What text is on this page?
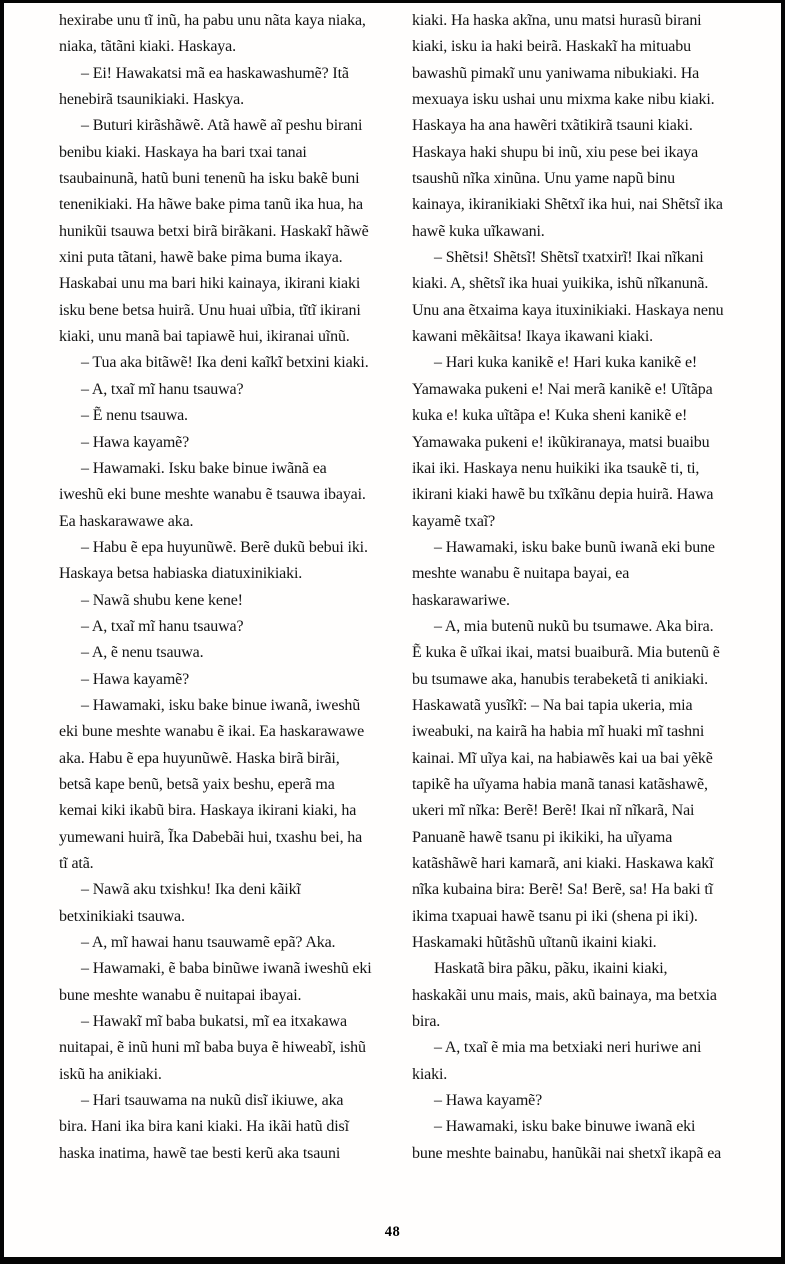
hexirabe unu tĩ inũ, ha pabu unu nãta kaya niaka,
niaka, tãtãni kiaki. Haskaya.
– Ei! Hawakatsi mã ea haskawashumẽ? Itã
henebirã tsaunikiaki. Haskya.
– Buturi kirãshãwẽ. Atã hawẽ aĩ peshu birani
benibu kiaki. Haskaya ha bari txai tanai
tsaubainunã, hatũ buni tenenũ ha isku bakẽ buni
tenenikiaki. Ha hãwe bake pima tanũ ika hua, ha
hunikũi tsauwa betxi birã birãkani. Haskakĩ hãwẽ
xini puta tãtani, hawẽ bake pima buma ikaya.
Haskabai unu ma bari hiki kainaya, ikirani kiaki
isku bene betsa huirã. Unu huai uĩbia, tĩtĩ ikirani
kiaki, unu manã bai tapiawẽ hui, ikiranai uĩnũ.
– Tua aka bitãwẽ! Ika deni kaĩkĩ betxini kiaki.
– A, txaĩ mĩ hanu tsauwa?
– Ẽ nenu tsauwa.
– Hawa kayamẽ?
– Hawamaki. Isku bake binue iwãnã ea
iweshũ eki bune meshte wanabu ẽ tsauwa ibayai.
Ea haskarawawe aka.
– Habu ẽ epa huyunũwẽ. Berẽ dukũ bebui iki.
Haskaya betsa habiaska diatuxinikiaki.
– Nawã shubu kene kene!
– A, txaĩ mĩ hanu tsauwa?
– A, ẽ nenu tsauwa.
– Hawa kayamẽ?
– Hawamaki, isku bake binue iwanã, iweshũ
eki bune meshte wanabu ẽ ikai. Ea haskarawawe
aka. Habu ẽ epa huyunũwẽ. Haska birã birãi,
betsã kape benũ, betsã yaix beshu, eperã ma
kemai kiki ikabũ bira. Haskaya ikirani kiaki, ha
yumewani huirã, Ĩka Dabebãi hui, txashu bei, ha
tĩ atã.
– Nawã aku txishku! Ika deni kãikĩ
betxinikiaki tsauwa.
– A, mĩ hawai hanu tsauwamẽ epã? Aka.
– Hawamaki, ẽ baba binũwe iwanã iweshũ eki
bune meshte wanabu ẽ nuitapai ibayai.
– Hawakĩ mĩ baba bukatsi, mĩ ea itxakawa
nuitapai, ẽ inũ huni mĩ baba buya ẽ hiweabĩ, ishũ
iskũ ha anikiaki.
– Hari tsauwama na nukũ disĩ ikiuwe, aka
bira. Hani ika bira kani kiaki. Ha ikãi hatũ disĩ
haska inatima, hawẽ tae besti kerũ aka tsauni
kiaki. Ha haska akĩna, unu matsi hurasũ birani
kiaki, isku ia haki beirã. Haskakĩ ha mituabu
bawashũ pimakĩ unu yaniwama nibukiaki. Ha
mexuaya isku ushai unu mixma kake nibu kiaki.
Haskaya ha ana hawẽri txãtikirã tsauni kiaki.
Haskaya haki shupu bi inũ, xiu pese bei ikaya
tsaushũ nĩka xinũna. Unu yame napũ binu
kainaya, ikiranikiaki Shẽtxĩ ika hui, nai Shẽtsĩ ika
hawẽ kuka uĩkawani.
– Shẽtsi! Shẽtsĩ! Shẽtsĩ txatxirĩ! Ikai nĩkani
kiaki. A, shẽtsĩ ika huai yuikika, ishũ nĩkanunã.
Unu ana ẽtxaima kaya ituxinikiaki. Haskaya nenu
kawani mẽkãitsa! Ikaya ikawani kiaki.
– Hari kuka kanikẽ e! Hari kuka kanikẽ e!
Yamawaka pukeni e! Nai merã kanikẽ e! Uĩtãpa
kuka e! kuka uĩtãpa e! Kuka sheni kanikẽ e!
Yamawaka pukeni e! ikũkiranaya, matsi buaibu
ikai iki. Haskaya nenu huikiki ika tsaukẽ ti, ti,
ikirani kiaki hawẽ bu txĩkãnu depia huirã. Hawa
kayamẽ txaĩ?
– Hawamaki, isku bake bunũ iwanã eki bune
meshte wanabu ẽ nuitapa bayai, ea
haskarawariwe.
– A, mia butenũ nukũ bu tsumawe. Aka bira.
Ẽ kuka ẽ uĩkai ikai, matsi buaiburã. Mia butenũ ẽ
bu tsumawe aka, hanubis terabeketã ti anikiaki.
Haskawatã yusĩkĩ: – Na bai tapia ukeria, mia
iweabuki, na kairã ha habia mĩ huaki mĩ tashni
kainai. Mĩ uĩya kai, na habiawẽs kai ua bai yẽkẽ
tapikẽ ha uĩyama habia manã tanasi katãshawẽ,
ukeri mĩ nĩka: Berẽ! Berẽ! Ikai nĩ nĩkarã, Nai
Panuanẽ hawẽ tsanu pi ikikiki, ha uĩyama
katãshãwẽ hari kamarã, ani kiaki. Haskawa kakĩ
nĩka kubaina bira: Berẽ! Sa! Berẽ, sa! Ha baki tĩ
ikima txapuai hawẽ tsanu pi iki (shena pi iki).
Haskamaki hũtãshũ uĩtanũ ikaini kiaki.
Haskatã bira pãku, pãku, ikaini kiaki,
haskakãi unu mais, mais, akũ bainaya, ma betxia
bira.
– A, txaĩ ẽ mia ma betxiaki neri huriwe ani
kiaki.
– Hawa kayamẽ?
– Hawamaki, isku bake binuwe iwanã eki
bune meshte bainabu, hanũkãi nai shetxĩ ikapã ea
48
